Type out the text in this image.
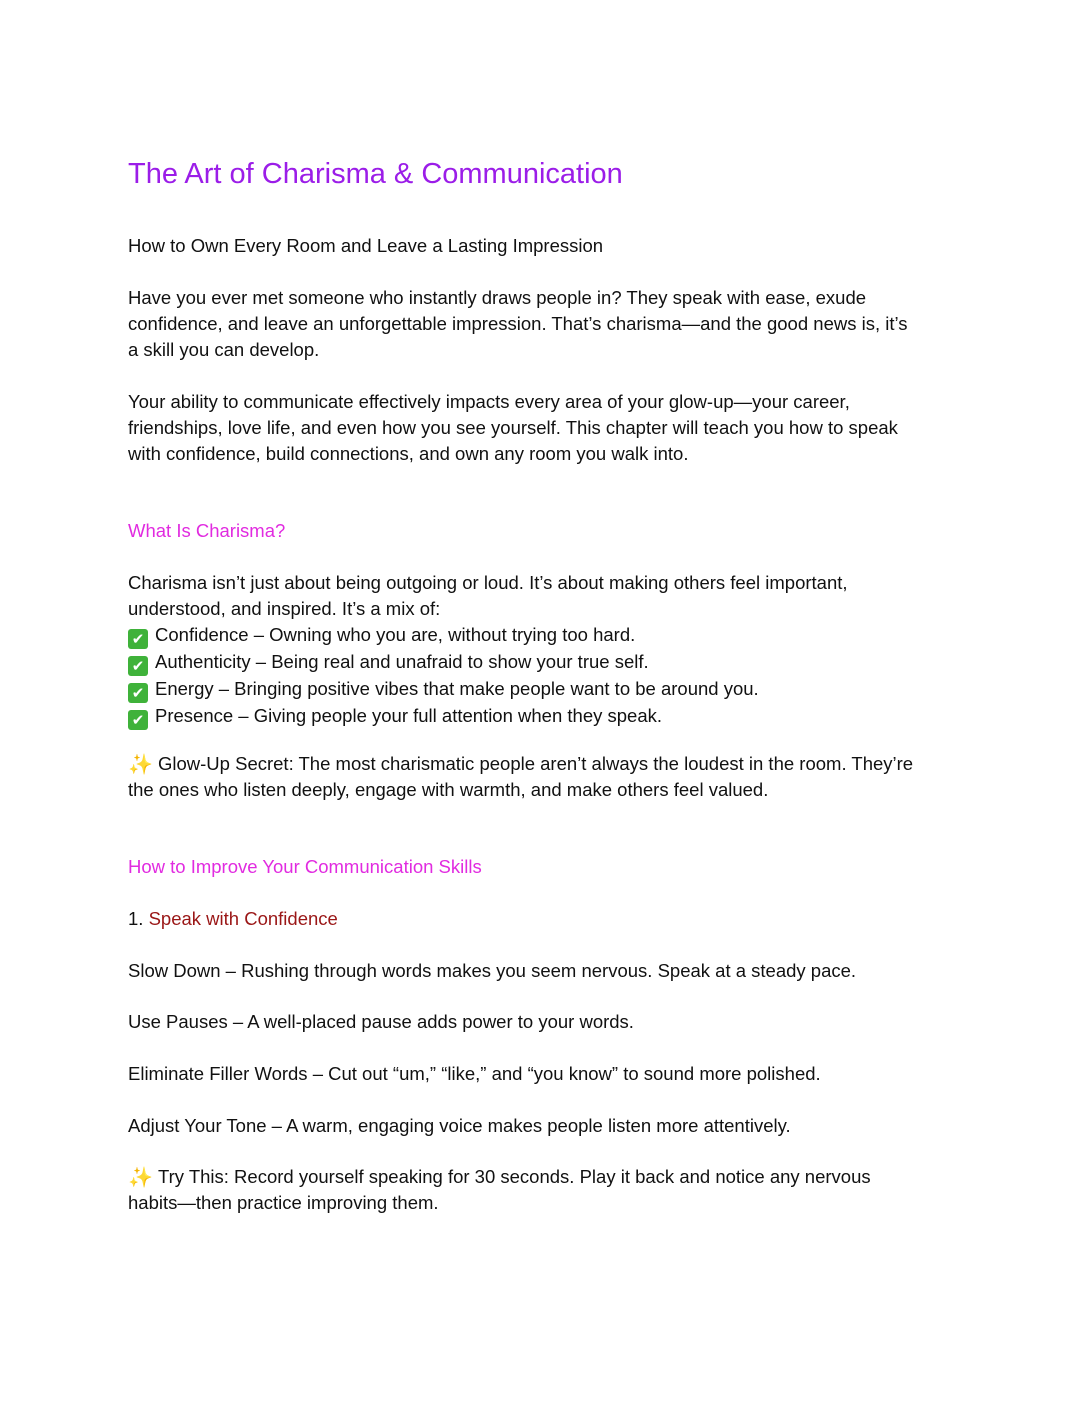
The Art of Charisma & Communication

How to Own Every Room and Leave a Lasting Impression

Have you ever met someone who instantly draws people in? They speak with ease, exude
confidence, and leave an unforgettable impression. That’s charisma—and the good news is, it’s
a skill you can develop.

Your ability to communicate effectively impacts every area of your glow-up—your career,
friendships, love life, and even how you see yourself. This chapter will teach you how to speak
with confidence, build connections, and own any room you walk into.

What Is Charisma?

Charisma isn’t just about being outgoing or loud. It’s about making others feel important,
understood, and inspired. It’s a mix of:
✔ Confidence – Owning who you are, without trying too hard.
✔ Authenticity – Being real and unafraid to show your true self.
✔ Energy – Bringing positive vibes that make people want to be around you.
✔ Presence – Giving people your full attention when they speak.

✨ Glow-Up Secret: The most charismatic people aren’t always the loudest in the room. They’re
the ones who listen deeply, engage with warmth, and make others feel valued.

How to Improve Your Communication Skills
1. Speak with Confidence

Slow Down – Rushing through words makes you seem nervous. Speak at a steady pace.

Use Pauses – A well-placed pause adds power to your words.

Eliminate Filler Words – Cut out “um,” “like,” and “you know” to sound more polished.

Adjust Your Tone – A warm, engaging voice makes people listen more attentively.

✨ Try This: Record yourself speaking for 30 seconds. Play it back and notice any nervous
habits—then practice improving them.
